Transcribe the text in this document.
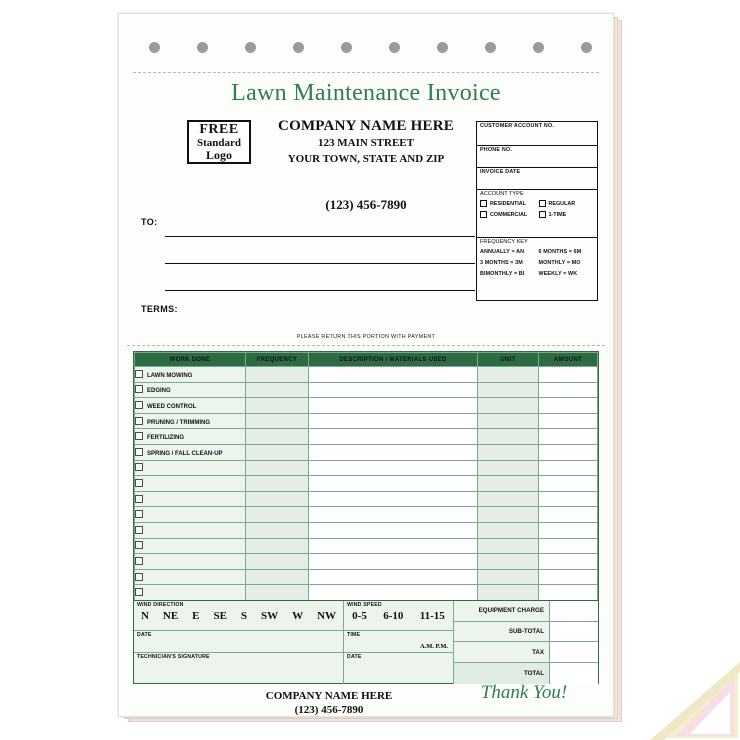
Lawn Maintenance Invoice
FREE
Standard
Logo
COMPANY NAME HERE
123 MAIN STREET
YOUR TOWN, STATE AND ZIP
(123) 456-7890
TO:
TERMS:
CUSTOMER ACCOUNT NO.
PHONE NO.
INVOICE DATE
ACCOUNT TYPE
RESIDENTIAL	REGULAR
COMMERCIAL	1-TIME
FREQUENCY KEY
ANNUALLY = AN	6 MONTHS = 6M
3 MONTHS = 3M	MONTHLY = MO
BIMONTHLY = BI	WEEKLY = WK
PLEASE RETURN THIS PORTION WITH PAYMENT
WORK DONE	FREQUENCY	DESCRIPTION / MATERIALS USED	UNIT	AMOUNT
LAWN MOWING				
EDGING				
WEED CONTROL				
PRUNING / TRIMMING				
FERTILIZING				
SPRING / FALL CLEAN-UP				

WIND DIRECTION
N NE E SE S SW W NW
WIND SPEED
0-5 6-10 11-15
DATE	TIME
A.M. P.M.
TECHNICIAN'S SIGNATURE	DATE
EQUIPMENT CHARGE
SUB-TOTAL
TAX
TOTAL
COMPANY NAME HERE
(123) 456-7890
Thank You!
